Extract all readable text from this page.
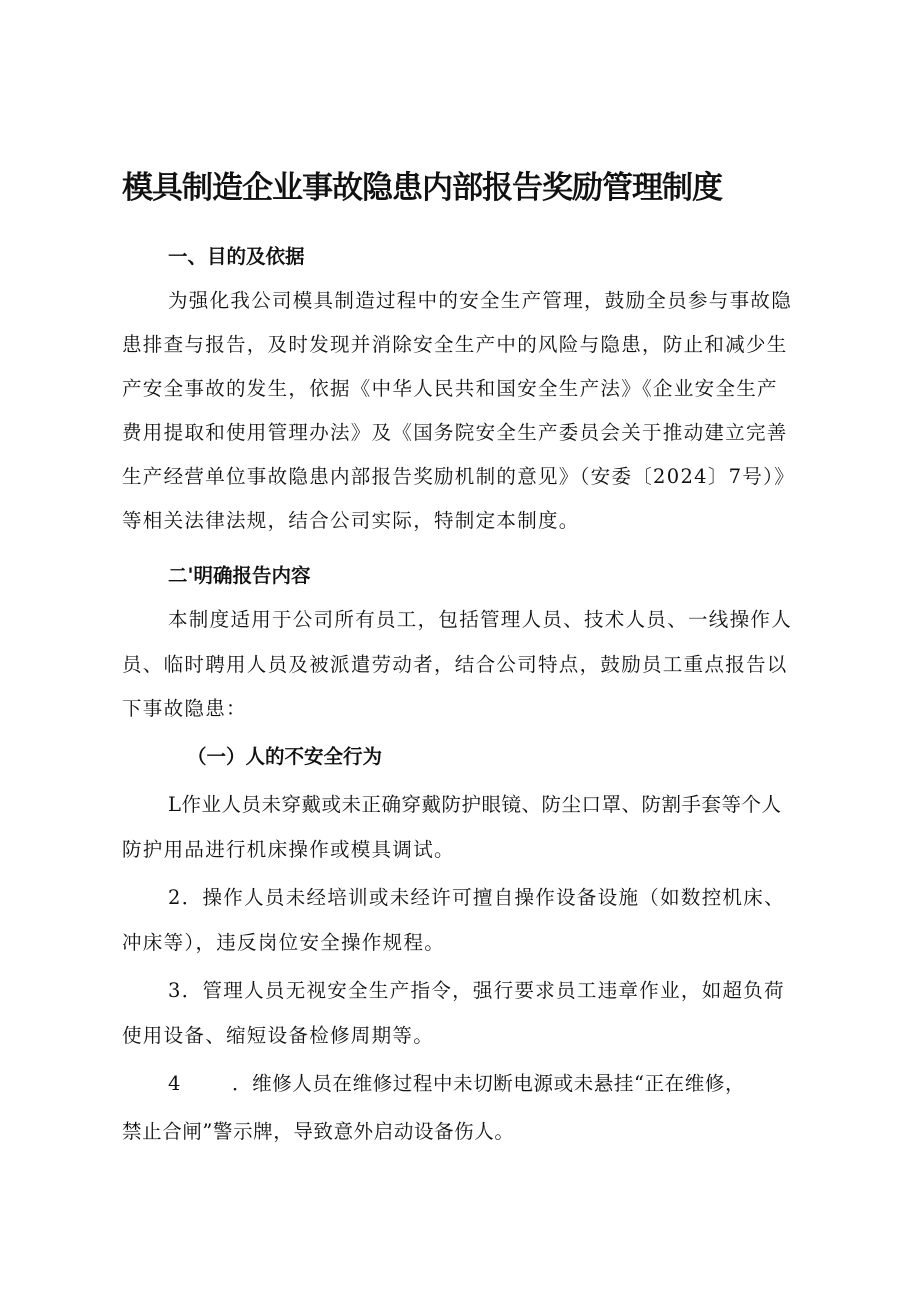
模具制造企业事故隐患内部报告奖励管理制度

一、目的及依据

为强化我公司模具制造过程中的安全生产管理，鼓励全员参与事故隐

患排查与报告，及时发现并消除安全生产中的风险与隐患，防止和减少生

产安全事故的发生，依据《中华人民共和国安全生产法》《企业安全生产

费用提取和使用管理办法》及《国务院安全生产委员会关于推动建立完善

生产经营单位事故隐患内部报告奖励机制的意见》（安委〔2024〕7号）》

等相关法律法规，结合公司实际，特制定本制度。

二'明确报告内容

本制度适用于公司所有员工，包括管理人员、技术人员、一线操作人

员、临时聘用人员及被派遣劳动者，结合公司特点，鼓励员工重点报告以

下事故隐患：

（一）人的不安全行为

L作业人员未穿戴或未正确穿戴防护眼镜、防尘口罩、防割手套等个人

防护用品进行机床操作或模具调试。

2．操作人员未经培训或未经许可擅自操作设备设施（如数控机床、

冲床等），违反岗位安全操作规程。

3．管理人员无视安全生产指令，强行要求员工违章作业，如超负荷

使用设备、缩短设备检修周期等。

4	．维修人员在维修过程中未切断电源或未悬挂“正在维修，

禁止合闸”警示牌，导致意外启动设备伤人。
